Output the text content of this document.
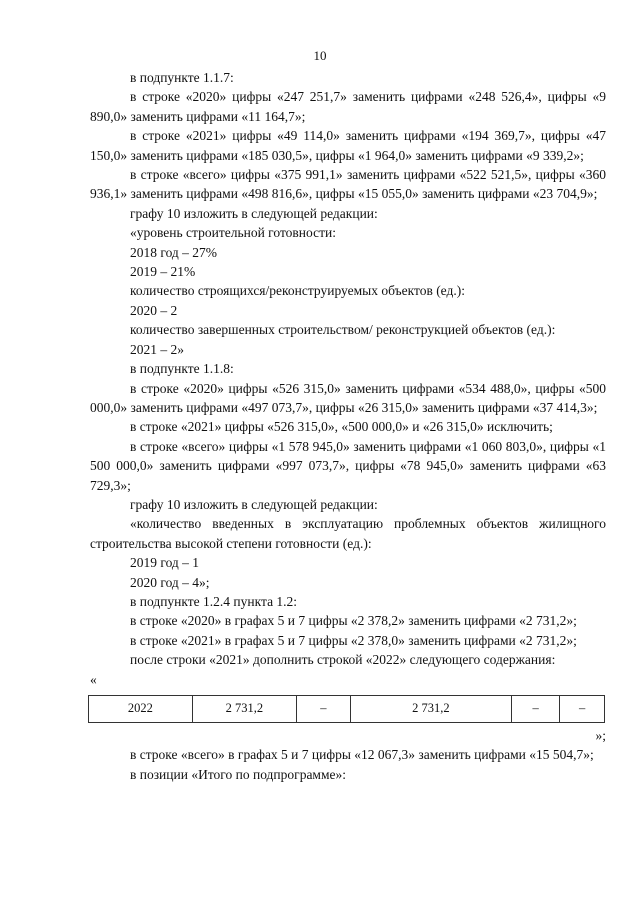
10

в подпункте 1.1.7:

в строке «2020» цифры «247 251,7» заменить цифрами «248 526,4», цифры «9 890,0» заменить цифрами «11 164,7»;

в строке «2021» цифры «49 114,0» заменить цифрами «194 369,7», цифры «47 150,0» заменить цифрами «185 030,5», цифры «1 964,0» заменить цифрами «9 339,2»;

в строке «всего» цифры «375 991,1» заменить цифрами «522 521,5», цифры «360 936,1» заменить цифрами «498 816,6», цифры «15 055,0» заменить цифрами «23 704,9»;

графу 10 изложить в следующей редакции:

«уровень строительной готовности:

2018 год – 27%

2019 – 21%

количество строящихся/реконструируемых объектов (ед.):

2020 – 2

количество завершенных строительством/ реконструкцией объектов (ед.):

2021 – 2»

в подпункте 1.1.8:

в строке «2020» цифры «526 315,0» заменить цифрами «534 488,0», цифры «500 000,0» заменить цифрами «497 073,7», цифры «26 315,0» заменить цифрами «37 414,3»;

в строке «2021» цифры «526 315,0», «500 000,0» и «26 315,0» исключить;

в строке «всего» цифры «1 578 945,0» заменить цифрами «1 060 803,0», цифры «1 500 000,0» заменить цифрами «997 073,7», цифры «78 945,0» заменить цифрами «63 729,3»;

графу 10 изложить в следующей редакции:

«количество введенных в эксплуатацию проблемных объектов жилищного строительства высокой степени готовности (ед.):

2019 год – 1

2020 год – 4»;

в подпункте 1.2.4 пункта 1.2:

в строке «2020» в графах 5 и 7 цифры «2 378,2» заменить цифрами «2 731,2»;

в строке «2021» в графах 5 и 7 цифры «2 378,0» заменить цифрами «2 731,2»;

после строки «2021» дополнить строкой «2022» следующего содержания:

«
2022	2 731,2	–	2 731,2	–	–
»;

в строке «всего» в графах 5 и 7 цифры «12 067,3» заменить цифрами «15 504,7»;

в позиции «Итого по подпрограмме»:
